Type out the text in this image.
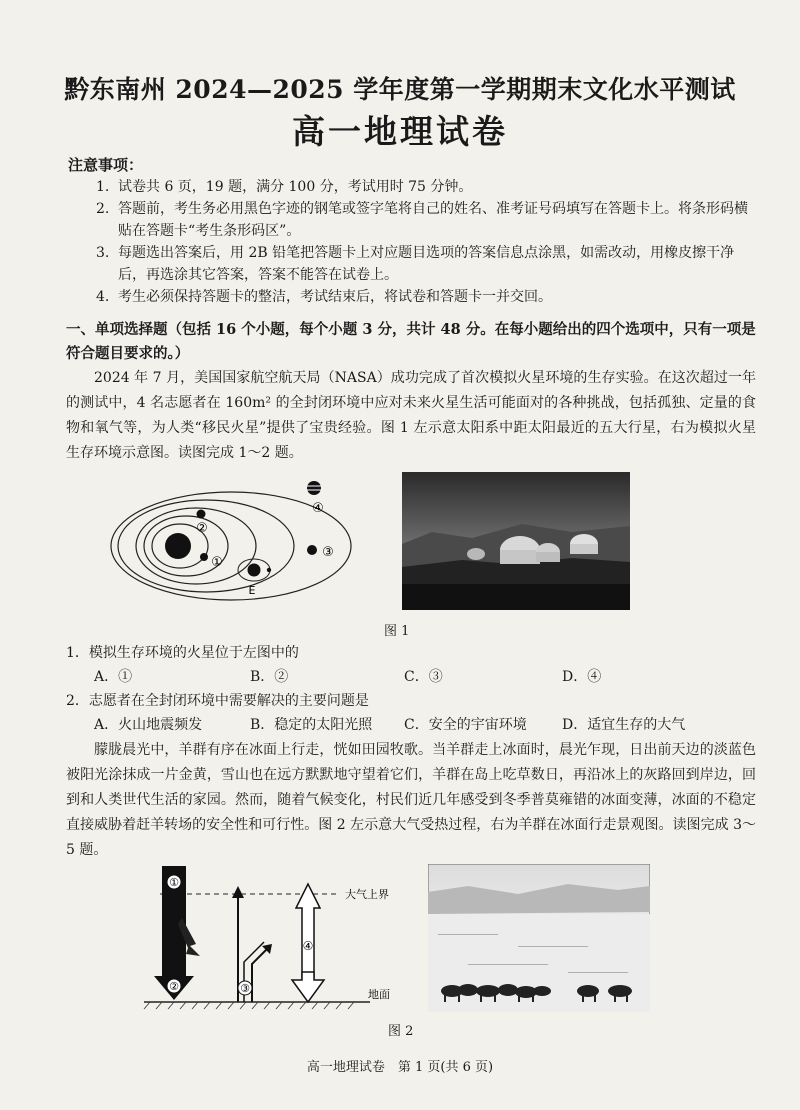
黔东南州 2024—2025 学年度第一学期期末文化水平测试
高一地理试卷
注意事项：

1. 试卷共 6 页，19 题，满分 100 分，考试用时 75 分钟。

2. 答题前，考生务必用黑色字迹的钢笔或签字笔将自己的姓名、准考证号码填写在答题卡上。将条形码横贴在答题卡“考生条形码区”。

3. 每题选出答案后，用 2B 铅笔把答题卡上对应题目选项的答案信息点涂黑，如需改动，用橡皮擦干净后，再选涂其它答案，答案不能答在试卷上。

4. 考生必须保持答题卡的整洁，考试结束后，将试卷和答题卡一并交回。

一、单项选择题（包括 16 个小题，每个小题 3 分，共计 48 分。在每小题给出的四个选项中，只有一项是符合题目要求的。）
2024 年 7 月，美国国家航空航天局（NASA）成功完成了首次模拟火星环境的生存实验。在这次超过一年的测试中，4 名志愿者在 160m² 的全封闭环境中应对未来火星生活可能面对的各种挑战，包括孤独、定量的食物和氧气等，为人类“移民火星”提供了宝贵经验。图 1 左示意太阳系中距太阳最近的五大行星，右为模拟火星生存环境示意图。读图完成 1～2 题。
②
①
E
③
④
图 1
1．模拟生存环境的火星位于左图中的
A．①	B．②	C．③	D．④
2．志愿者在全封闭环境中需要解决的主要问题是
A．火山地震频发	B．稳定的太阳光照 C．安全的宇宙环境	D．适宜生存的大气
朦胧晨光中，羊群有序在冰面上行走，恍如田园牧歌。当羊群走上冰面时，晨光乍现，日出前天边的淡蓝色被阳光涂抹成一片金黄，雪山也在远方默默地守望着它们，羊群在岛上吃草数日，再沿冰上的灰路回到岸边，回到和人类世代生活的家园。然而，随着气候变化，村民们近几年感受到冬季普莫雍错的冰面变薄，冰面的不稳定直接威胁着赶羊转场的安全性和可行性。图 2 左示意大气受热过程，右为羊群在冰面行走景观图。读图完成 3～5 题。
大气上界
地面
①
②	③
④
图 2
高一地理试卷　第 1 页(共 6 页)
